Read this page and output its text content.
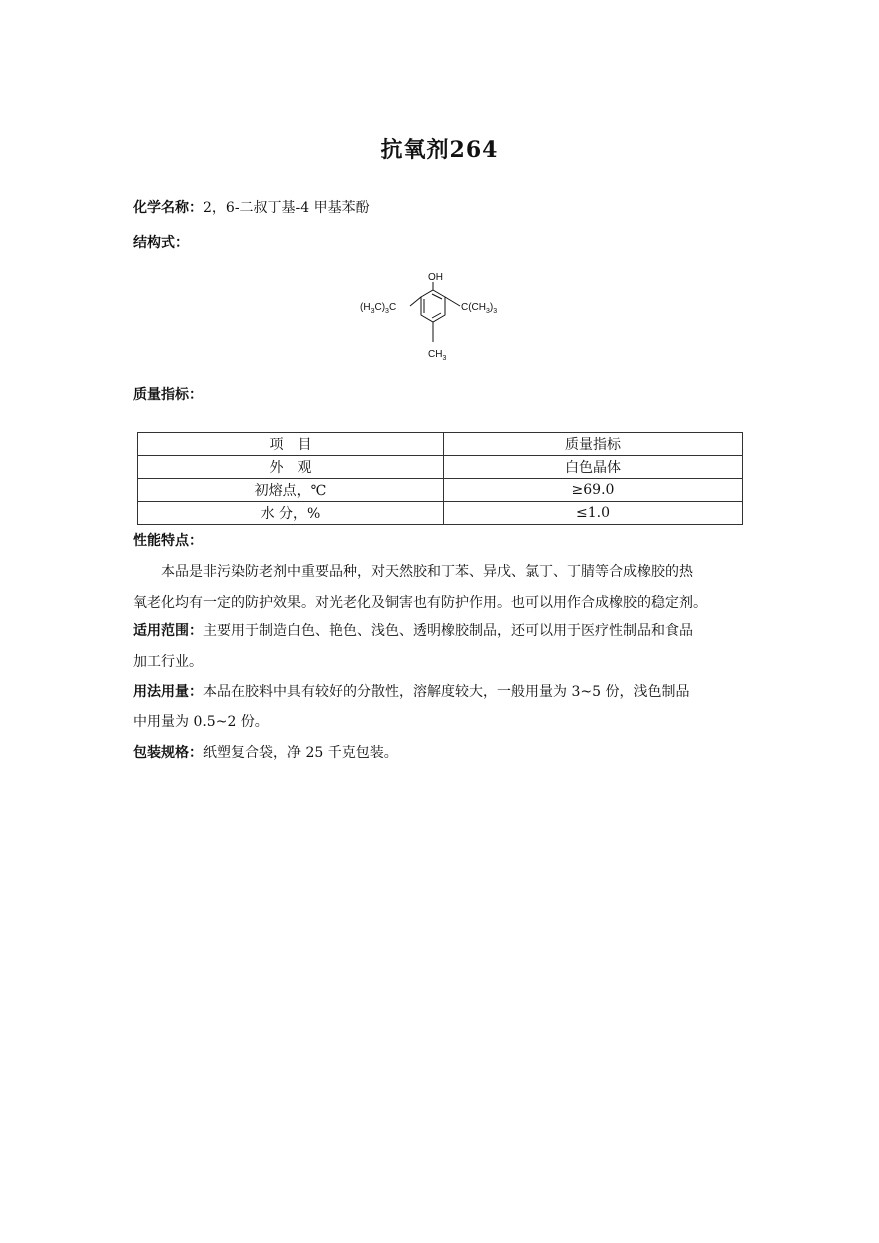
抗氧剂264
化学名称：2，6-二叔丁基-4 甲基苯酚
结构式：
OH
$(H_3C)_3C$	$C(CH_3)_3$
$CH_3$
质量指标：
项　目	质量指标
外　观	白色晶体
初熔点，℃	≥69.0
水 分，%	≤1.0
性能特点：
本品是非污染防老剂中重要品种，对天然胶和丁苯、异戊、氯丁、丁腈等合成橡胶的热
氧老化均有一定的防护效果。对光老化及铜害也有防护作用。也可以用作合成橡胶的稳定剂。
适用范围：主要用于制造白色、艳色、浅色、透明橡胶制品，还可以用于医疗性制品和食品
加工行业。
用法用量：本品在胶料中具有较好的分散性，溶解度较大，一般用量为 3~5 份，浅色制品
中用量为 0.5~2 份。
包装规格：纸塑复合袋，净 25 千克包装。
